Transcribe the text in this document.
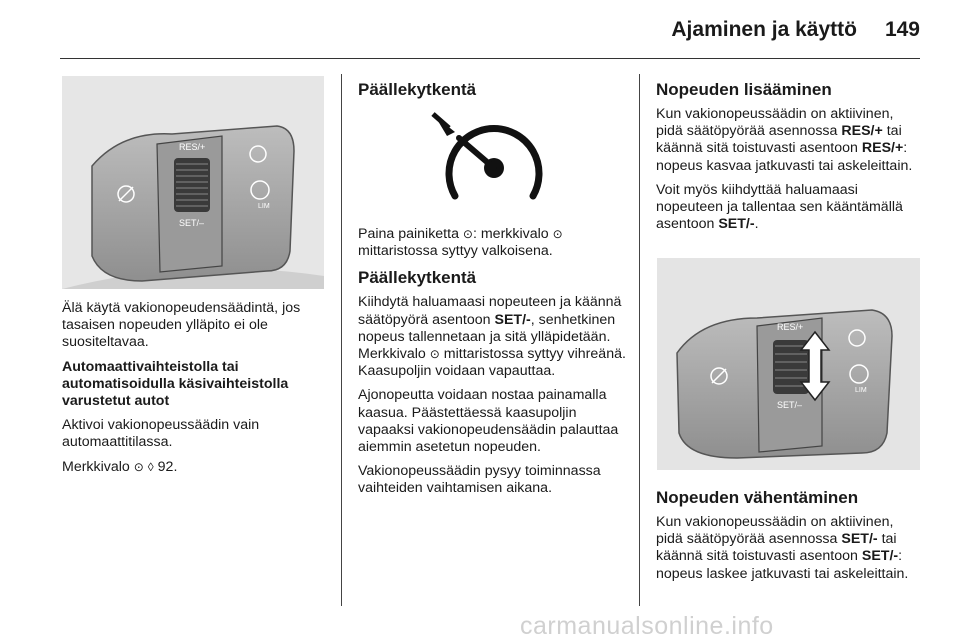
Ajaminen ja käyttö 149
RES/+
SET/–
LIM

Älä käytä vakionopeudensäädintä, jos tasaisen nopeuden ylläpito ei ole suositeltavaa.

Automaattivaihteistolla tai automatisoidulla käsivaihteistolla varustetut autot

Aktivoi vakionopeussäädin vain automaattitilassa.

Merkkivalo ⊙ ◊ 92.

Päällekytkentä

Paina painiketta ⊙: merkkivalo ⊙ mittaristossa syttyy valkoisena.

Päällekytkentä

Kiihdytä haluamaasi nopeuteen ja käännä säätöpyörä asentoon SET/-, senhetkinen nopeus tallennetaan ja sitä ylläpidetään. Merkkivalo ⊙ mittaristossa syttyy vihreänä. Kaasupoljin voidaan vapauttaa.

Ajonopeutta voidaan nostaa painamalla kaasua. Päästettäessä kaasupoljin vapaaksi vakionopeudensäädin palauttaa aiemmin asetetun nopeuden.

Vakionopeussäädin pysyy toiminnassa vaihteiden vaihtamisen aikana.

Nopeuden lisääminen

Kun vakionopeussäädin on aktiivinen, pidä säätöpyörää asennossa RES/+ tai käännä sitä toistuvasti asentoon RES/+: nopeus kasvaa jatkuvasti tai askeleittain.

Voit myös kiihdyttää haluamaasi nopeuteen ja tallentaa sen kääntämällä asentoon SET/-.

RES/+
SET/–
LIM

Nopeuden vähentäminen

Kun vakionopeussäädin on aktiivinen, pidä säätöpyörää asennossa SET/- tai käännä sitä toistuvasti asentoon SET/-: nopeus laskee jatkuvasti tai askeleittain.

carmanualsonline.info
